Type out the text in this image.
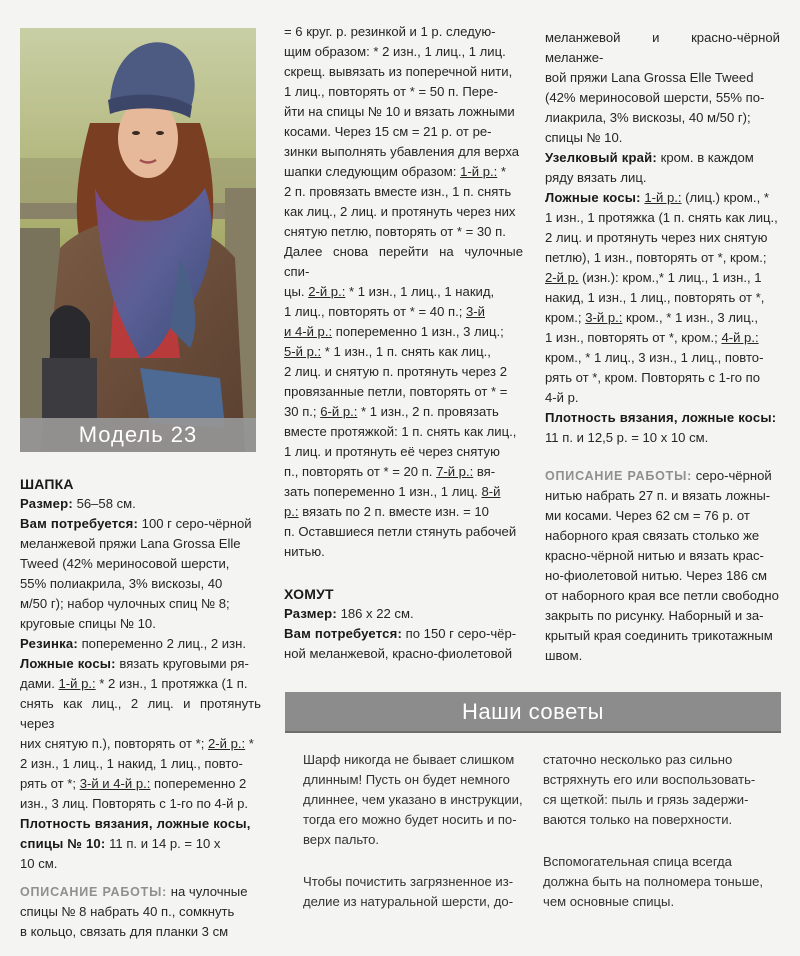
Модель 23

ШАПКА

Размер: 56–58 см.

Вам потребуется: 100 г серо-чёрной
меланжевой пряжи Lana Grossa Elle
Tweed (42% мериносовой шерсти,
55% полиакрила, 3% вискозы, 40
м/50 г); набор чулочных спиц № 8;
круговые спицы № 10.

Резинка: попеременно 2 лиц., 2 изн.

Ложные косы: вязать круговыми ря-
дами. 1-й р.: * 2 изн., 1 протяжка (1 п.
снять как лиц., 2 лиц. и протянуть через
них снятую п.), повторять от *; 2-й р.: *
2 изн., 1 лиц., 1 накид, 1 лиц., повто-
рять от *; 3-й и 4-й р.: попеременно 2
изн., 3 лиц. Повторять с 1-го по 4-й р.

Плотность вязания, ложные косы,
спицы № 10: 11 п. и 14 р. = 10 х
10 см.

ОПИСАНИЕ РАБОТЫ: на чулочные
спицы № 8 набрать 40 п., сомкнуть
в кольцо, связать для планки 3 см

= 6 круг. р. резинкой и 1 р. следую-
щим образом: * 2 изн., 1 лиц., 1 лиц.
скрещ. вывязать из поперечной нити,
1 лиц., повторять от * = 50 п. Пере-
йти на спицы № 10 и вязать ложными
косами. Через 15 см = 21 р. от ре-
зинки выполнять убавления для верха
шапки следующим образом: 1-й р.: *
2 п. провязать вместе изн., 1 п. снять
как лиц., 2 лиц. и протянуть через них
снятую петлю, повторять от * = 30 п.
Далее снова перейти на чулочные спи-
цы. 2-й р.: * 1 изн., 1 лиц., 1 накид,
1 лиц., повторять от * = 40 п.; 3-й
и 4-й р.: попеременно 1 изн., 3 лиц.;
5-й р.: * 1 изн., 1 п. снять как лиц.,
2 лиц. и снятую п. протянуть через 2
провязанные петли, повторять от * =
30 п.; 6-й р.: * 1 изн., 2 п. провязать
вместе протяжкой: 1 п. снять как лиц.,
1 лиц. и протянуть её через снятую
п., повторять от * = 20 п. 7-й р.: вя-
зать попеременно 1 изн., 1 лиц. 8-й
р.: вязать по 2 п. вместе изн. = 10
п. Оставшиеся петли стянуть рабочей
нитью.

ХОМУТ

Размер: 186 х 22 см.

Вам потребуется: по 150 г серо-чёр-
ной меланжевой, красно-фиолетовой

меланжевой и красно-чёрной меланже-
вой пряжи Lana Grossa Elle Tweed
(42% мериносовой шерсти, 55% по-
лиакрила, 3% вискозы, 40 м/50 г);
спицы № 10.

Узелковый край: кром. в каждом
ряду вязать лиц.

Ложные косы: 1-й р.: (лиц.) кром., *
1 изн., 1 протяжка (1 п. снять как лиц.,
2 лиц. и протянуть через них снятую
петлю), 1 изн., повторять от *, кром.;
2-й р. (изн.): кром.,* 1 лиц., 1 изн., 1
накид, 1 изн., 1 лиц., повторять от *,
кром.; 3-й р.: кром., * 1 изн., 3 лиц.,
1 изн., повторять от *, кром.; 4-й р.:
кром., * 1 лиц., 3 изн., 1 лиц., повто-
рять от *, кром. Повторять с 1-го по
4-й р.

Плотность вязания, ложные косы:
11 п. и 12,5 р. = 10 х 10 см.

ОПИСАНИЕ РАБОТЫ: серо-чёрной
нитью набрать 27 п. и вязать ложны-
ми косами. Через 62 см = 76 р. от
наборного края связать столько же
красно-чёрной нитью и вязать крас-
но-фиолетовой нитью. Через 186 см
от наборного края все петли свободно
закрыть по рисунку. Наборный и за-
крытый края соединить трикотажным
швом.

Наши советы

Шарф никогда не бывает слишком
длинным! Пусть он будет немного
длиннее, чем указано в инструкции,
тогда его можно будет носить и по-
верх пальто.

Чтобы почистить загрязненное из-
делие из натуральной шерсти, до-

статочно несколько раз сильно
встряхнуть его или воспользовать-
ся щеткой: пыль и грязь задержи-
ваются только на поверхности.

Вспомогательная спица всегда
должна быть на полномера тоньше,
чем основные спицы.
